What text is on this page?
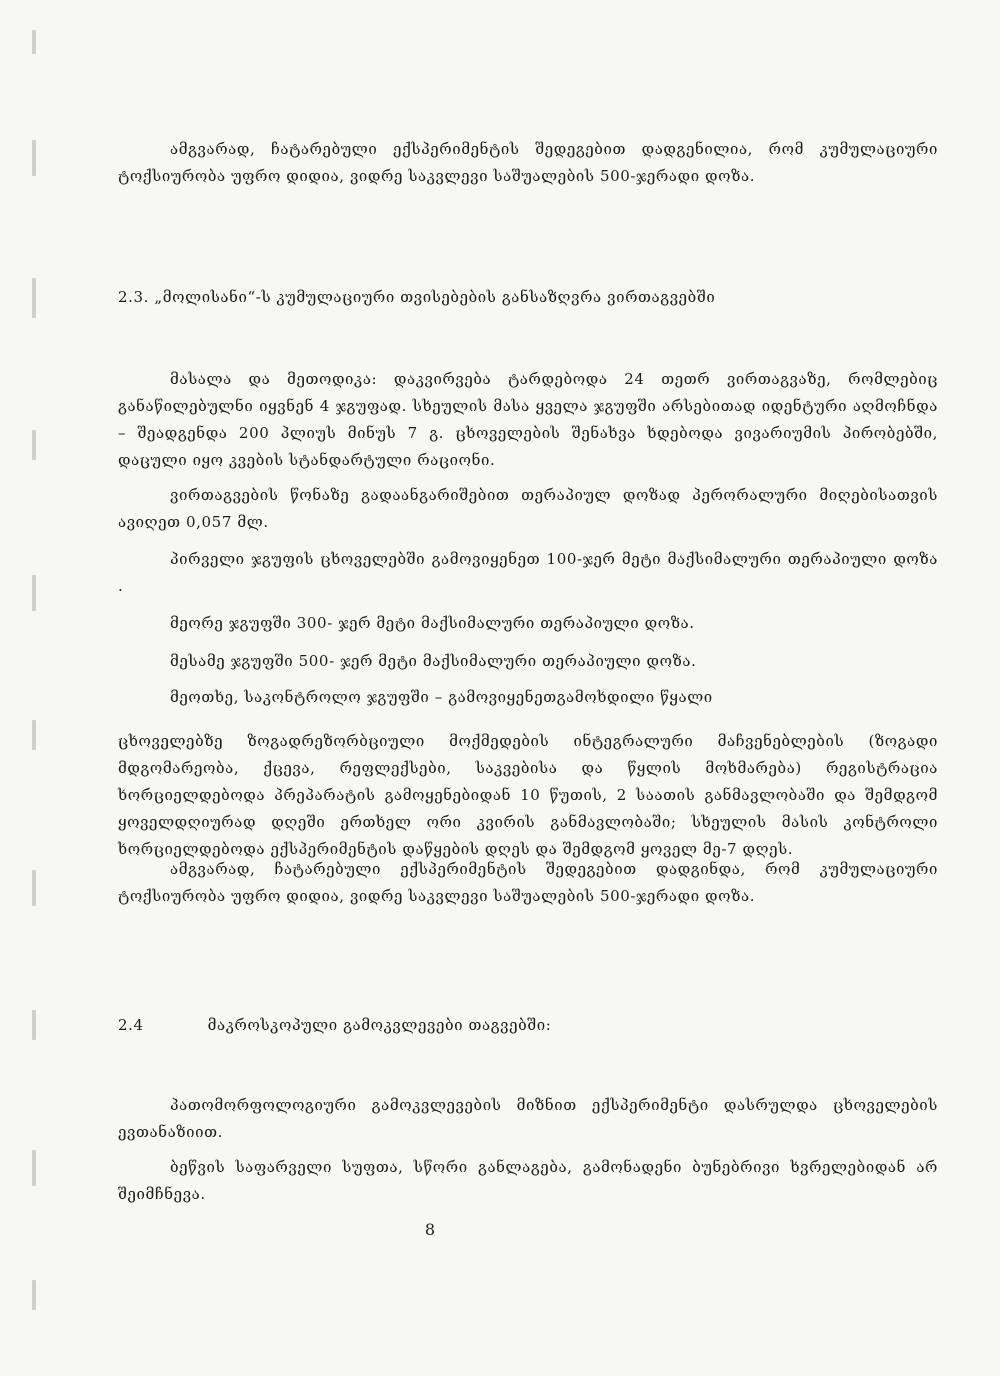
ამგვარად, ჩატარებული ექსპერიმენტის შედეგებით დადგენილია, რომ კუმულაციური ტოქსიურობა უფრო დიდია, ვიდრე საკვლევი საშუალების 500-ჯერადი დოზა.

2.3. „მოლისანი“-ს კუმულაციური თვისებების განსაზღვრა ვირთაგვებში

მასალა და მეთოდიკა: დაკვირვება ტარდებოდა 24 თეთრ ვირთაგვაზე, რომლებიც განაწილებულნი იყვნენ 4 ჯგუფად. სხეულის მასა ყველა ჯგუფში არსებითად იდენტური აღმოჩნდა – შეადგენდა 200 პლიუს მინუს 7 გ. ცხოველების შენახვა ხდებოდა ვივარიუმის პირობებში, დაცული იყო კვების სტანდარტული რაციონი.

ვირთაგვების წონაზე გადაანგარიშებით თერაპიულ დოზად პერორალური მიღებისათვის ავიღეთ 0,057 მლ.

პირველი ჯგუფის ცხოველებში გამოვიყენეთ 100-ჯერ მეტი მაქსიმალური თერაპიული დოზა .

მეორე ჯგუფში 300- ჯერ მეტი მაქსიმალური თერაპიული დოზა.

მესამე ჯგუფში 500- ჯერ მეტი მაქსიმალური თერაპიული დოზა.

მეოთხე, საკონტროლო ჯგუფში – გამოვიყენეთგამოხდილი წყალი

ცხოველებზე ზოგადრეზორბციული მოქმედების ინტეგრალური მაჩვენებლების (ზოგადი მდგომარეობა, ქცევა, რეფლექსები, საკვებისა და წყლის მოხმარება) რეგისტრაცია ხორციელდებოდა პრეპარატის გამოყენებიდან 10 წუთის, 2 საათის განმავლობაში და შემდგომ ყოველდღიურად დღეში ერთხელ ორი კვირის განმავლობაში; სხეულის მასის კონტროლი ხორციელდებოდა ექსპერიმენტის დაწყების დღეს და შემდგომ ყოველ მე-7 დღეს.

ამგვარად, ჩატარებული ექსპერიმენტის შედეგებით დადგინდა, რომ კუმულაციური ტოქსიურობა უფრო დიდია, ვიდრე საკვლევი საშუალების 500-ჯერადი დოზა.

2.4	მაკროსკოპული გამოკვლევები თაგვებში:

პათომორფოლოგიური გამოკვლევების მიზნით ექსპერიმენტი დასრულდა ცხოველების ევთანაზიით.

ბეწვის საფარველი სუფთა, სწორი განლაგება, გამონადენი ბუნებრივი ხვრელებიდან არ შეიმჩნევა.

8
